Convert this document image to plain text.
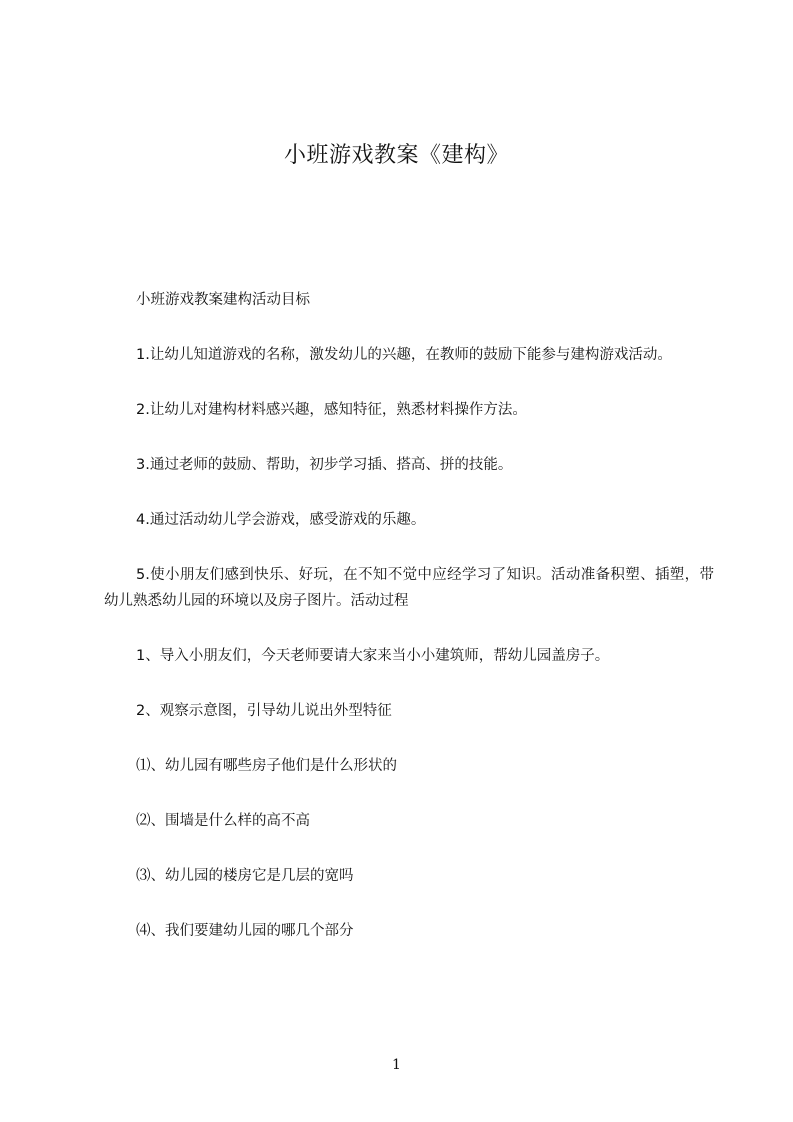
小班游戏教案《建构》

小班游戏教案建构活动目标

1.让幼儿知道游戏的名称，激发幼儿的兴趣，在教师的鼓励下能参与建构游戏活动。

2.让幼儿对建构材料感兴趣，感知特征，熟悉材料操作方法。

3.通过老师的鼓励、帮助，初步学习插、搭高、拼的技能。

4.通过活动幼儿学会游戏，感受游戏的乐趣。

5.使小朋友们感到快乐、好玩，在不知不觉中应经学习了知识。活动准备积塑、插塑，带幼儿熟悉幼儿园的环境以及房子图片。活动过程

1、导入小朋友们，今天老师要请大家来当小小建筑师，帮幼儿园盖房子。

2、观察示意图，引导幼儿说出外型特征

⑴、幼儿园有哪些房子他们是什么形状的

⑵、围墙是什么样的高不高

⑶、幼儿园的楼房它是几层的宽吗

⑷、我们要建幼儿园的哪几个部分

1
